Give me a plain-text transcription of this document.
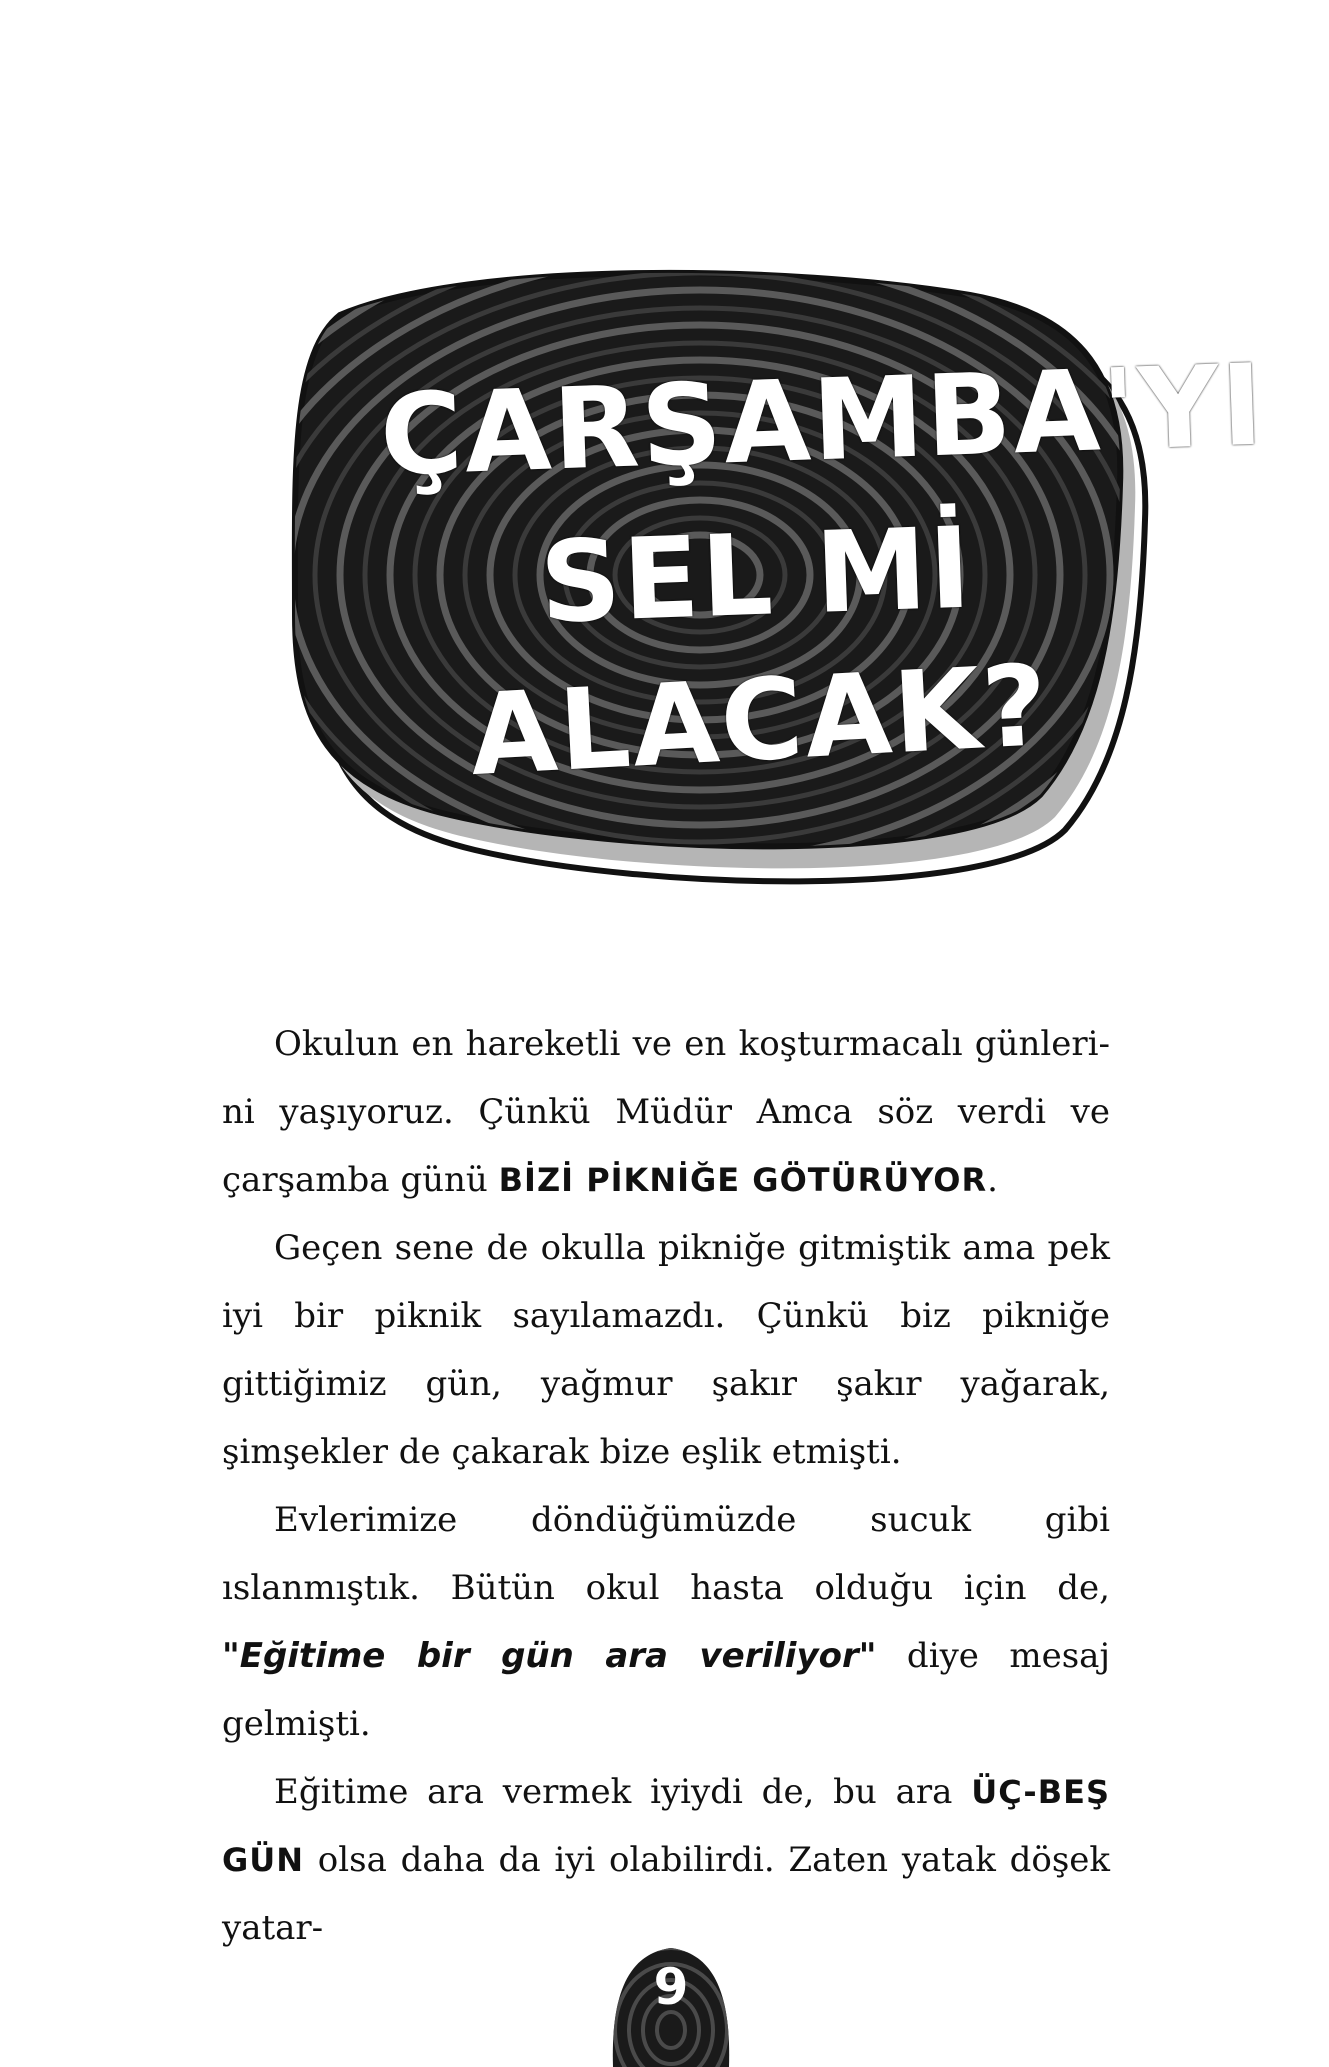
ÇARŞAMBA'YI
SEL Mİ
ALACAK?

Okulun en hareketli ve en koşturmacalı günlerini yaşıyoruz. Çünkü Müdür Amca söz verdi ve çarşamba günü BİZİ PİKNİĞE GÖTÜRÜYOR.

Geçen sene de okulla pikniğe gitmiştik ama pek iyi bir piknik sayılamazdı. Çünkü biz pikniğe gittiğimiz gün, yağmur şakır şakır yağarak, şimşekler de çakarak bize eşlik etmişti.

Evlerimize döndüğümüzde sucuk gibi ıslanmıştık. Bütün okul hasta olduğu için de, "Eğitime bir gün ara veriliyor" diye mesaj gelmişti.

Eğitime ara vermek iyiydi de, bu ara ÜÇ-BEŞ GÜN olsa daha da iyi olabilirdi. Zaten yatak döşek yatar-

9
